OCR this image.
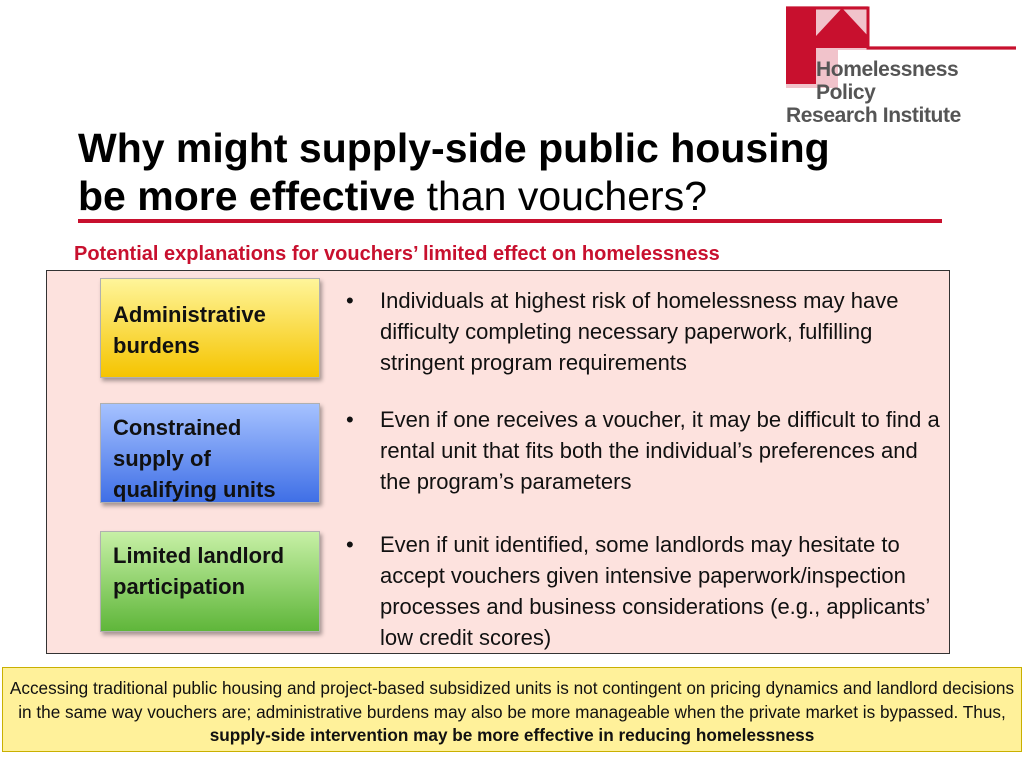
Homelessness Policy
Research Institute
Why might supply-side public housing
be more effective than vouchers?
Potential explanations for vouchers’ limited effect on homelessness
Administrative burdens
Constrained supply of qualifying units
Limited landlord participation
• Individuals at highest risk of homelessness may have difficulty completing necessary paperwork, fulfilling stringent program requirements
• Even if one receives a voucher, it may be difficult to find a rental unit that fits both the individual’s preferences and the program’s parameters
• Even if unit identified, some landlords may hesitate to accept vouchers given intensive paperwork/inspection processes and business considerations (e.g., applicants’ low credit scores)
Accessing traditional public housing and project-based subsidized units is not contingent on pricing dynamics and landlord decisions in the same way vouchers are; administrative burdens may also be more manageable when the private market is bypassed. Thus, supply-side intervention may be more effective in reducing homelessness
